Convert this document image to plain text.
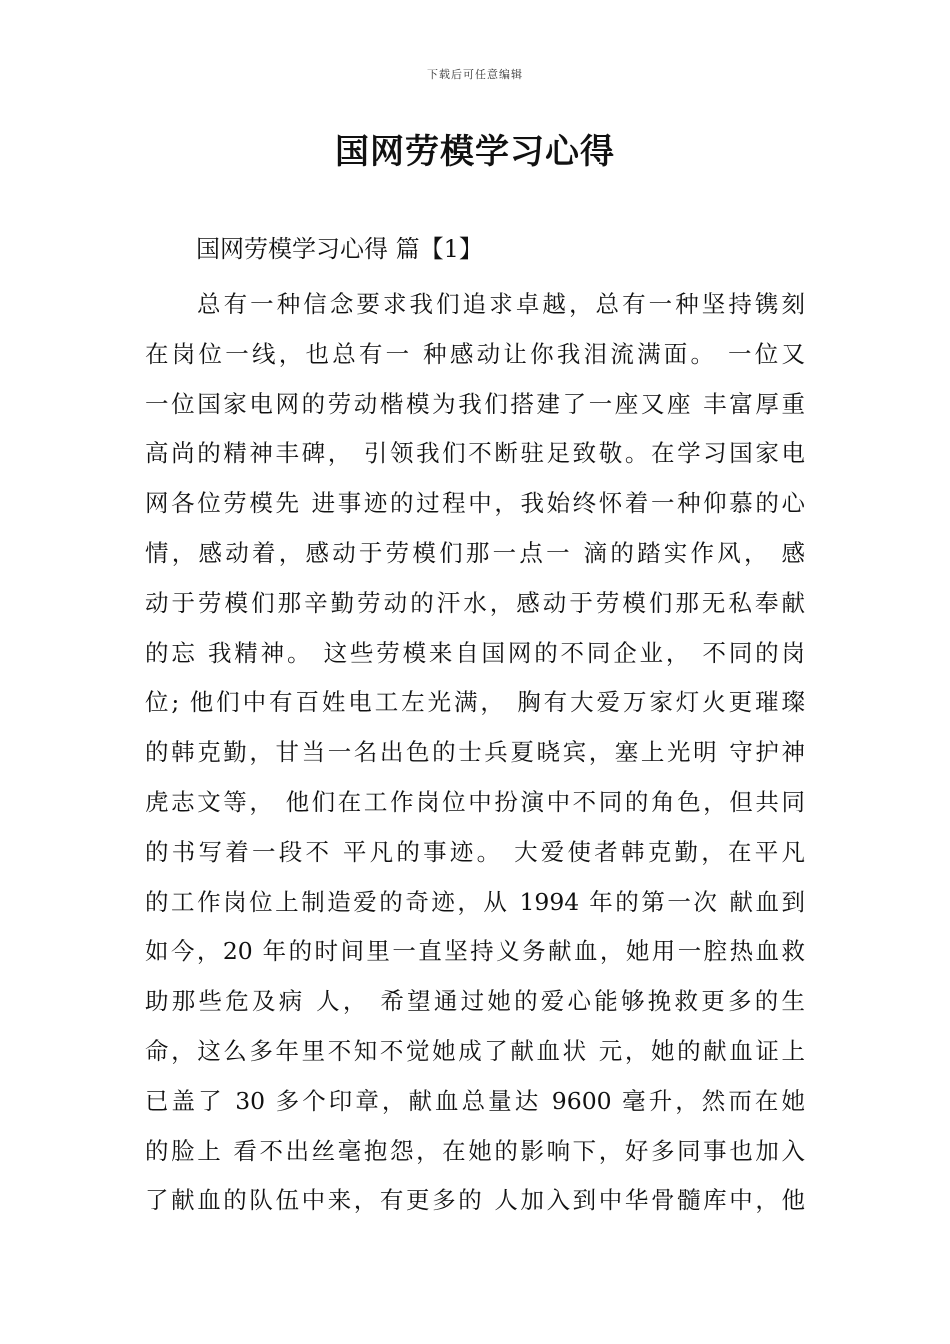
下载后可任意编辑
国网劳模学习心得
国网劳模学习心得 篇【1】
总有一种信念要求我们追求卓越，总有一种坚持镌刻
在岗位一线，也总有一 种感动让你我泪流满面。 一位又
一位国家电网的劳动楷模为我们搭建了一座又座 丰富厚重
高尚的精神丰碑， 引领我们不断驻足致敬。在学习国家电
网各位劳模先 进事迹的过程中，我始终怀着一种仰慕的心
情，感动着，感动于劳模们那一点一 滴的踏实作风， 感
动于劳模们那辛勤劳动的汗水，感动于劳模们那无私奉献
的忘 我精神。 这些劳模来自国网的不同企业， 不同的岗
位; 他们中有百姓电工左光满， 胸有大爱万家灯火更璀璨
的韩克勤，甘当一名出色的士兵夏晓宾，塞上光明 守护神
虎志文等， 他们在工作岗位中扮演中不同的角色，但共同
的书写着一段不 平凡的事迹。 大爱使者韩克勤，在平凡
的工作岗位上制造爱的奇迹，从 1994 年的第一次 献血到
如今，20 年的时间里一直坚持义务献血，她用一腔热血救
助那些危及病 人， 希望通过她的爱心能够挽救更多的生
命，这么多年里不知不觉她成了献血状 元，她的献血证上
已盖了 30 多个印章，献血总量达 9600 毫升，然而在她
的脸上 看不出丝毫抱怨，在她的影响下，好多同事也加入
了献血的队伍中来，有更多的 人加入到中华骨髓库中，他
